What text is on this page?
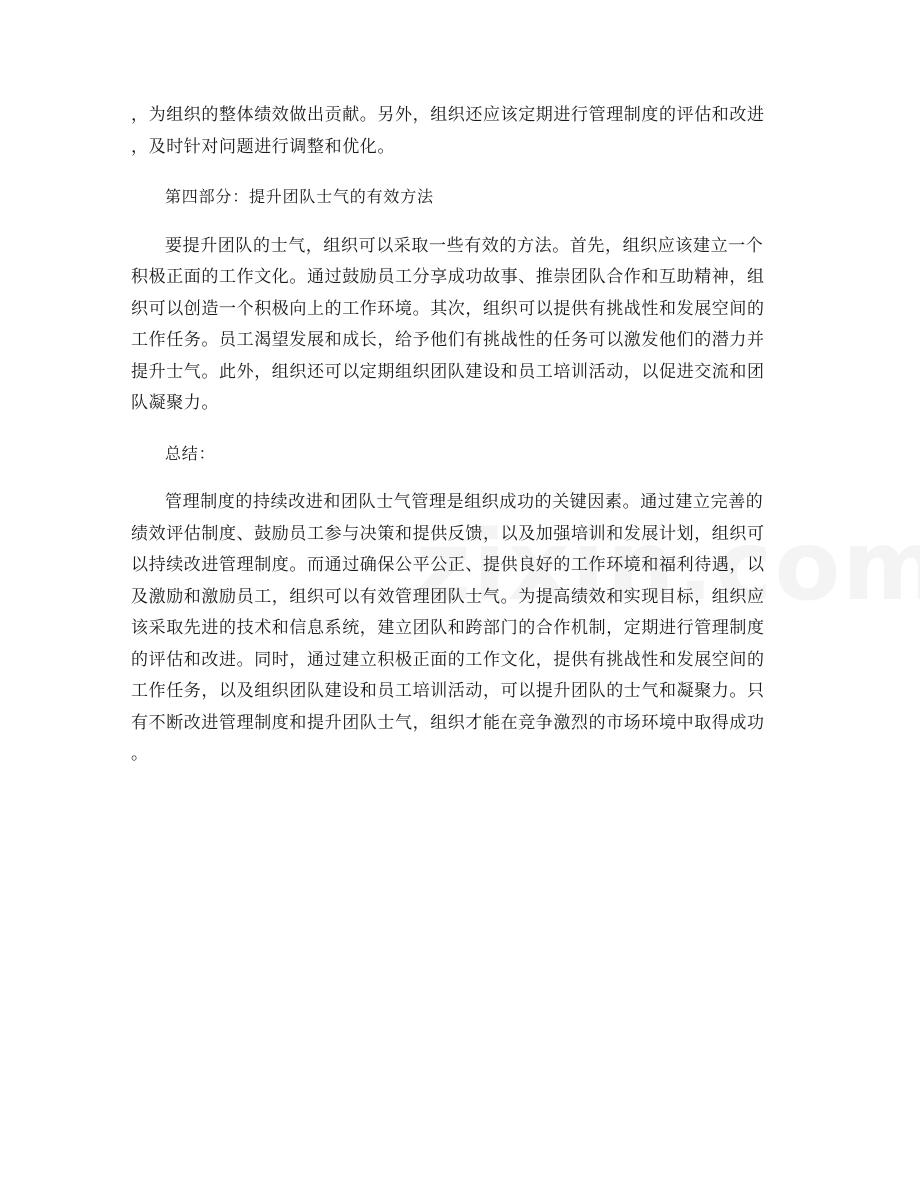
，为组织的整体绩效做出贡献。另外，组织还应该定期进行管理制度的评估和改进
，及时针对问题进行调整和优化。
第四部分：提升团队士气的有效方法
要提升团队的士气，组织可以采取一些有效的方法。首先，组织应该建立一个
积极正面的工作文化。通过鼓励员工分享成功故事、推崇团队合作和互助精神，组
织可以创造一个积极向上的工作环境。其次，组织可以提供有挑战性和发展空间的
工作任务。员工渴望发展和成长，给予他们有挑战性的任务可以激发他们的潜力并
提升士气。此外，组织还可以定期组织团队建设和员工培训活动，以促进交流和团
队凝聚力。
总结：
管理制度的持续改进和团队士气管理是组织成功的关键因素。通过建立完善的
绩效评估制度、鼓励员工参与决策和提供反馈，以及加强培训和发展计划，组织可
以持续改进管理制度。而通过确保公平公正、提供良好的工作环境和福利待遇，以
及激励和激励员工，组织可以有效管理团队士气。为提高绩效和实现目标，组织应
该采取先进的技术和信息系统，建立团队和跨部门的合作机制，定期进行管理制度
的评估和改进。同时，通过建立积极正面的工作文化，提供有挑战性和发展空间的
工作任务，以及组织团队建设和员工培训活动，可以提升团队的士气和凝聚力。只
有不断改进管理制度和提升团队士气，组织才能在竞争激烈的市场环境中取得成功
。
